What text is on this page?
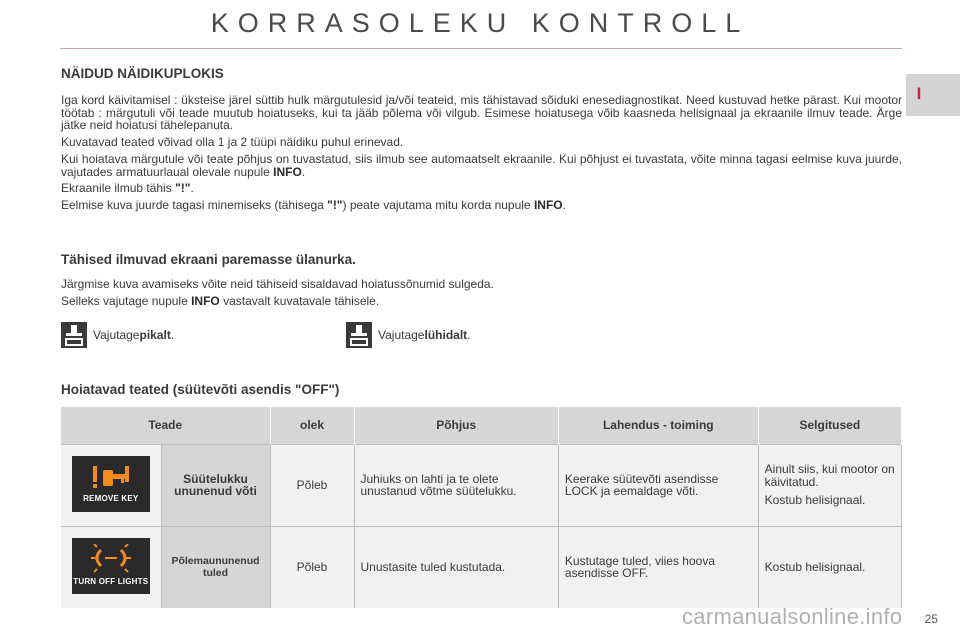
KORRASOLEKU KONTROLL
I
NÄIDUD NÄIDIKUPLOKIS

Iga kord käivitamisel : üksteise järel süttib hulk märgutulesid ja/või teateid, mis tähistavad sõiduki enesediagnostikat. Need kustuvad hetke pärast. Kui mootor töötab : märgutuli või teade muutub hoiatuseks, kui ta jääb põlema või vilgub. Esimese hoiatusega võib kaasneda helisignaal ja ekraanile ilmuv teade. Ärge jätke neid hoiatusi tähelepanuta.

Kuvatavad teated võivad olla 1 ja 2 tüüpi näidiku puhul erinevad.

Kui hoiatava märgutule või teate põhjus on tuvastatud, siis ilmub see automaatselt ekraanile. Kui põhjust ei tuvastata, võite minna tagasi eelmise kuva juurde, vajutades armatuurlaual olevale nupule INFO.

Ekraanile ilmub tähis "!".

Eelmise kuva juurde tagasi minemiseks (tähisega "!") peate vajutama mitu korda nupule INFO.

Tähised ilmuvad ekraani paremasse ülanurka.

Järgmise kuva avamiseks võite neid tähiseid sisaldavad hoiatussõnumid sulgeda.

Selleks vajutage nupule INFO vastavalt kuvatavale tähisele.

Vajutage pikalt .	Vajutage lühidalt .
Hoiatavad teated (süütevõti asendis "OFF")
Teade		olek	Põhjus	Lahendus - toiming	Selgitused

REMOVE KEY	Süütelukku ununenud võti	Põleb	Juhiuks on lahti ja te olete unustanud võtme süütelukku.	Keerake süütevõti asendisse LOCK ja eemaldage võti.	Ainult siis, kui mootor on käivitatud.

Kostub helisignaal.

TURN OFF LIGHTS	Põlemaununenud tuled	Põleb	Unustasite tuled kustutada.	Kustutage tuled, viies hoova asendisse OFF.	Kostub helisignaal.

25
carmanualsonline.info
